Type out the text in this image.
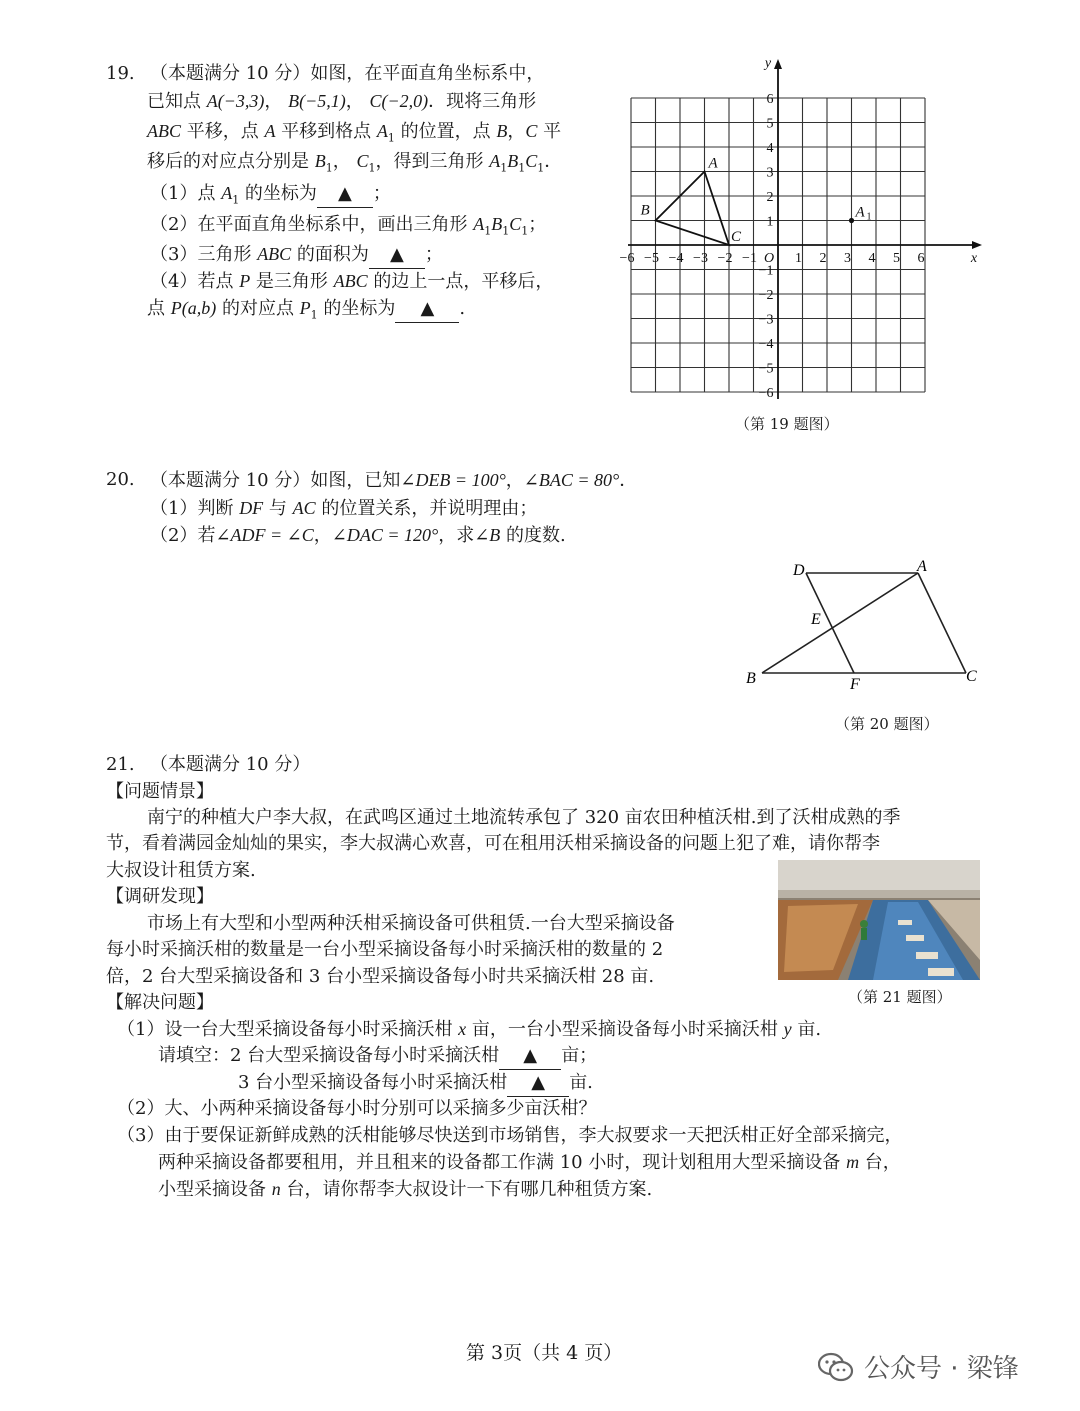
19. （本题满分 10 分）如图，在平面直角坐标系中，
已知点 A(−3,3)， B(−5,1)， C(−2,0)．现将三角形
ABC 平移，点 A 平移到格点 $A_1$ 的位置，点 B，C 平
移后的对应点分别是 $B_1$， $C_1$，得到三角形 $A_1B_1C_1$．
（1）点 $A_1$ 的坐标为 ▲ ；
（2）在平面直角坐标系中，画出三角形 $A_1B_1C_1$；
（3）三角形 ABC 的面积为 ▲ ；
（4）若点 P 是三角形 ABC 的边上一点，平移后，
点 P(a,b) 的对应点 $P_1$ 的坐标为 ▲ .
x
y
O
−6 −5 −4 −3 −2 −1	1 2 3 4 5 6
1
2
3
4
5
6
−1
−2
−3
−4
−5
−6
A
B
C
A 1
（第 19 题图）
20. （本题满分 10 分）如图，已知∠DEB = 100°，∠BAC = 80°．
（1）判断 DF 与 AC 的位置关系，并说明理由；
（2）若∠ADF = ∠C，∠DAC = 120°，求∠B 的度数.
D	A
E
B	F	C
（第 20 题图）
21. （本题满分 10 分）
【问题情景】
南宁的种植大户李大叔，在武鸣区通过土地流转承包了 320 亩农田种植沃柑.到了沃柑成熟的季
节，看着满园金灿灿的果实，李大叔满心欢喜，可在租用沃柑采摘设备的问题上犯了难，请你帮李
大叔设计租赁方案.
【调研发现】
市场上有大型和小型两种沃柑采摘设备可供租赁.一台大型采摘设备
每小时采摘沃柑的数量是一台小型采摘设备每小时采摘沃柑的数量的 2
倍，2 台大型采摘设备和 3 台小型采摘设备每小时共采摘沃柑 28 亩.
（第 21 题图）
【解决问题】
（1）设一台大型采摘设备每小时采摘沃柑 x 亩，一台小型采摘设备每小时采摘沃柑 y 亩.
请填空：2 台大型采摘设备每小时采摘沃柑 ▲ 亩；
3 台小型采摘设备每小时采摘沃柑 ▲ 亩.
（2）大、小两种采摘设备每小时分别可以采摘多少亩沃柑？
（3）由于要保证新鲜成熟的沃柑能够尽快送到市场销售，李大叔要求一天把沃柑正好全部采摘完，
两种采摘设备都要租用，并且租来的设备都工作满 10 小时，现计划租用大型采摘设备 m 台，
小型采摘设备 n 台，请你帮李大叔设计一下有哪几种租赁方案.
第 3页（共 4 页）
公众号 · 梁锋
